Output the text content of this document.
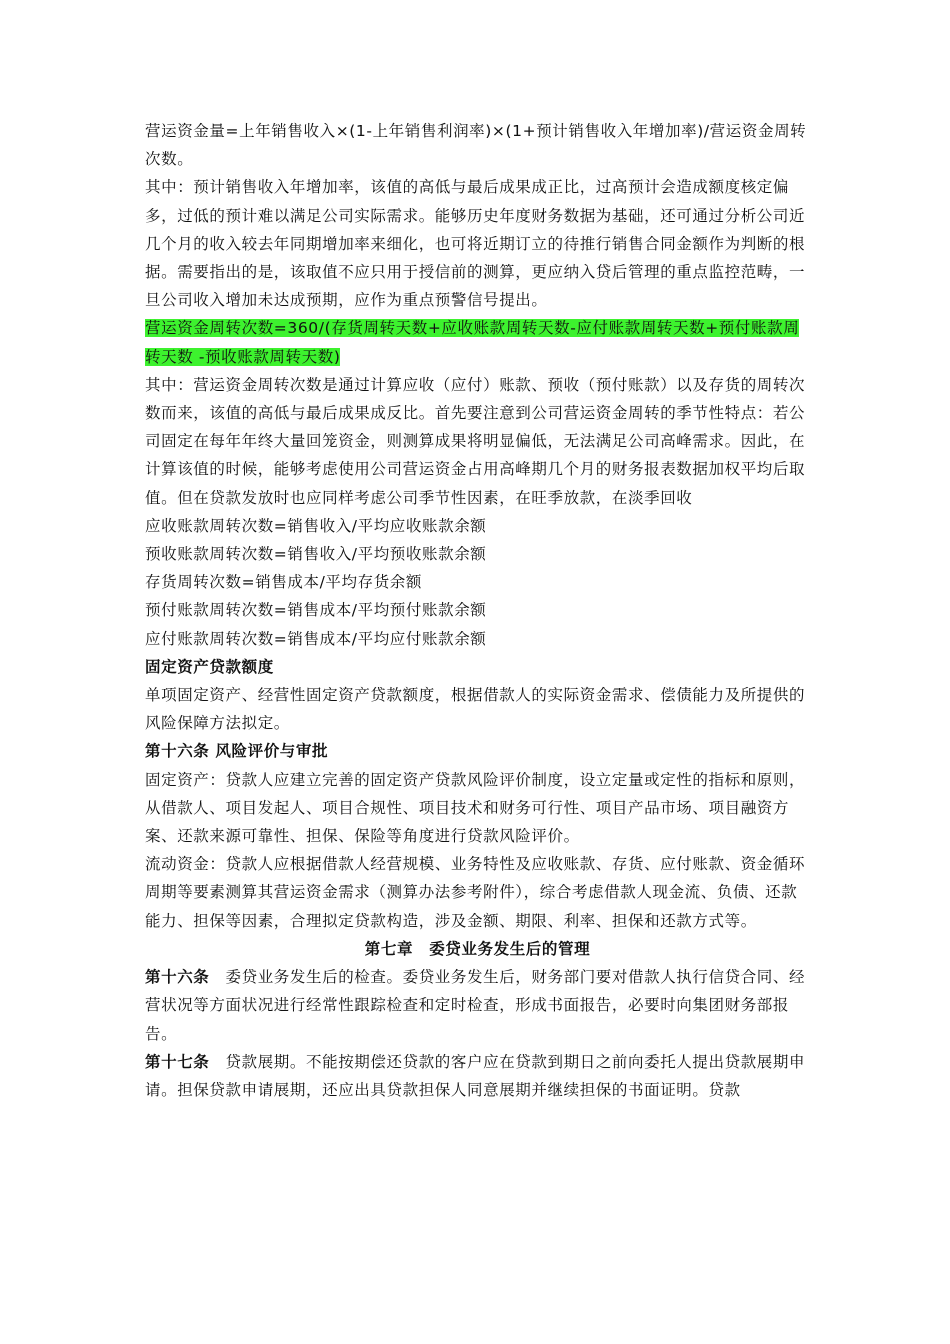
营运资金量=上年销售收入×(1-上年销售利润率)×(1+预计销售收入年增加率)/营运资金周转次数。

其中：预计销售收入年增加率，该值的高低与最后成果成正比，过高预计会造成额度核定偏多，过低的预计难以满足公司实际需求。能够历史年度财务数据为基础，还可通过分析公司近几个月的收入较去年同期增加率来细化，也可将近期订立的待推行销售合同金额作为判断的根据。需要指出的是，该取值不应只用于授信前的测算，更应纳入贷后管理的重点监控范畴，一旦公司收入增加未达成预期，应作为重点预警信号提出。

营运资金周转次数=360/(存货周转天数+应收账款周转天数-应付账款周转天数+预付账款周转天数 -预收账款周转天数)

其中：营运资金周转次数是通过计算应收（应付）账款、预收（预付账款）以及存货的周转次数而来，该值的高低与最后成果成反比。首先要注意到公司营运资金周转的季节性特点：若公司固定在每年年终大量回笼资金，则测算成果将明显偏低，无法满足公司高峰需求。因此，在计算该值的时候，能够考虑使用公司营运资金占用高峰期几个月的财务报表数据加权平均后取值。但在贷款发放时也应同样考虑公司季节性因素，在旺季放款，在淡季回收

应收账款周转次数=销售收入/平均应收账款余额

预收账款周转次数=销售收入/平均预收账款余额

存货周转次数=销售成本/平均存货余额

预付账款周转次数=销售成本/平均预付账款余额

应付账款周转次数=销售成本/平均应付账款余额

固定资产贷款额度

单项固定资产、经营性固定资产贷款额度，根据借款人的实际资金需求、偿债能力及所提供的风险保障方法拟定。

第十六条 风险评价与审批

固定资产：贷款人应建立完善的固定资产贷款风险评价制度，设立定量或定性的指标和原则，从借款人、项目发起人、项目合规性、项目技术和财务可行性、项目产品市场、项目融资方案、还款来源可靠性、担保、保险等角度进行贷款风险评价。

流动资金：贷款人应根据借款人经营规模、业务特性及应收账款、存货、应付账款、资金循环周期等要素测算其营运资金需求（测算办法参考附件），综合考虑借款人现金流、负债、还款能力、担保等因素，合理拟定贷款构造，涉及金额、期限、利率、担保和还款方式等。

第七章　委贷业务发生后的管理

第十六条　委贷业务发生后的检查。委贷业务发生后，财务部门要对借款人执行信贷合同、经营状况等方面状况进行经常性跟踪检查和定时检查，形成书面报告，必要时向集团财务部报告。

第十七条　贷款展期。不能按期偿还贷款的客户应在贷款到期日之前向委托人提出贷款展期申请。担保贷款申请展期，还应出具贷款担保人同意展期并继续担保的书面证明。贷款
